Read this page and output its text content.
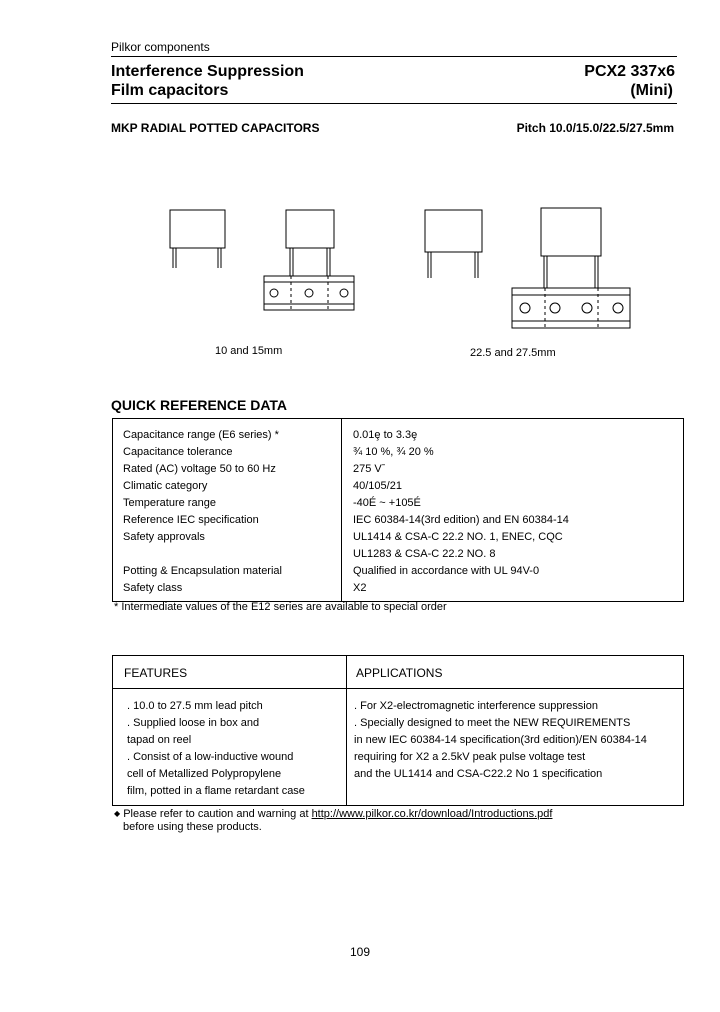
Pilkor components
Interference Suppression
Film capacitors
PCX2 337x6
(Mini)
MKP RADIAL POTTED CAPACITORS	Pitch 10.0/15.0/22.5/27.5mm
10 and 15mm	22.5 and 27.5mm
QUICK REFERENCE DATA
Capacitance range (E6 series) *	0.01ȩ to 3.3ȩ
Capacitance tolerance	¾ 10 %, ¾ 20 %
Rated (AC) voltage 50 to 60 Hz	275 Vˉ
Climatic category	40/105/21
Temperature range	-40É ~ +105É
Reference IEC specification	IEC 60384-14(3rd edition) and EN 60384-14
Safety approvals	UL1414 & CSA-C 22.2 NO. 1, ENEC, CQC
UL1283 & CSA-C 22.2 NO. 8
Potting & Encapsulation material	Qualified in accordance with UL 94V-0
Safety class	X2
* Intermediate values of the E12 series are available to special order
FEATURES	APPLICATIONS
. 10.0 to 27.5 mm lead pitch
. Supplied loose in box and
tapad on reel
. Consist of a low-inductive wound
cell of Metallized Polypropylene
film, potted in a flame retardant case
. For X2-electromagnetic interference suppression
. Specially designed to meet the NEW REQUIREMENTS
in new IEC 60384-14 specification(3rd edition)/EN 60384-14
requiring for X2 a 2.5kV peak pulse voltage test
and the UL1414 and CSA-C22.2 No 1 specification
◆ Please refer to caution and warning at http://www.pilkor.co.kr/download/Introductions.pdf
before using these products.
109
